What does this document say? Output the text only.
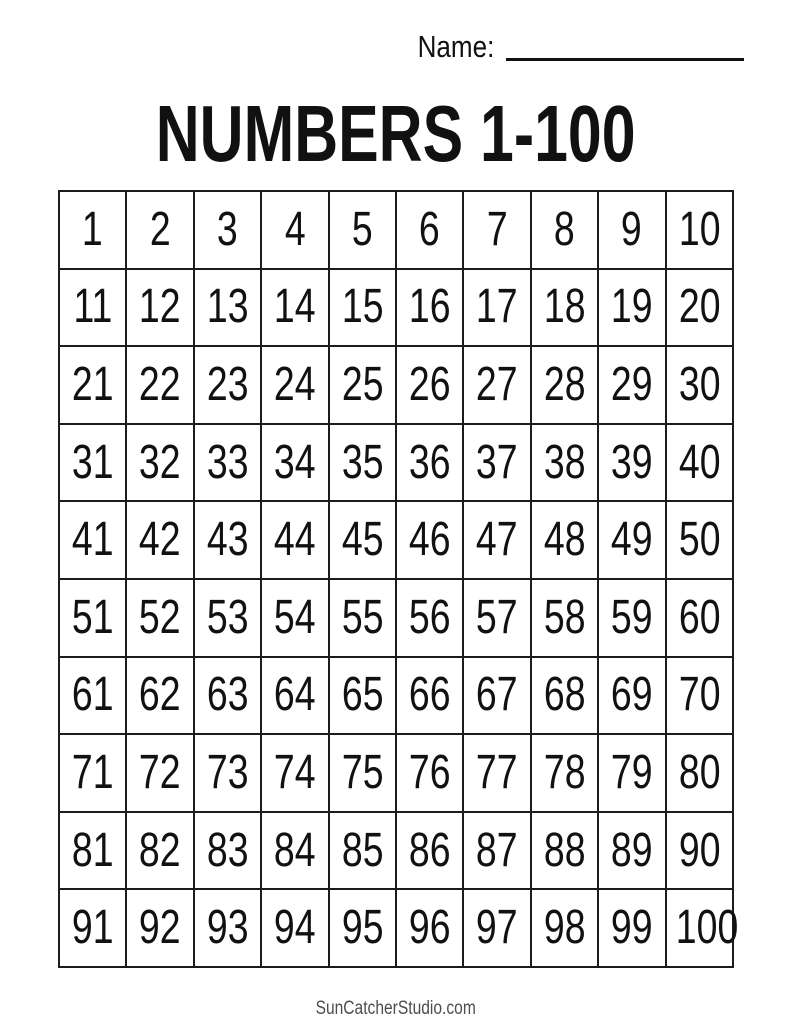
Name:
NUMBERS 1-100
1	2	3	4	5	6	7	8	9	10
11	12	13	14	15	16	17	18	19	20
21	22	23	24	25	26	27	28	29	30
31	32	33	34	35	36	37	38	39	40
41	42	43	44	45	46	47	48	49	50
51	52	53	54	55	56	57	58	59	60
61	62	63	64	65	66	67	68	69	70
71	72	73	74	75	76	77	78	79	80
81	82	83	84	85	86	87	88	89	90
91	92	93	94	95	96	97	98	99	100
SunCatcherStudio.com
